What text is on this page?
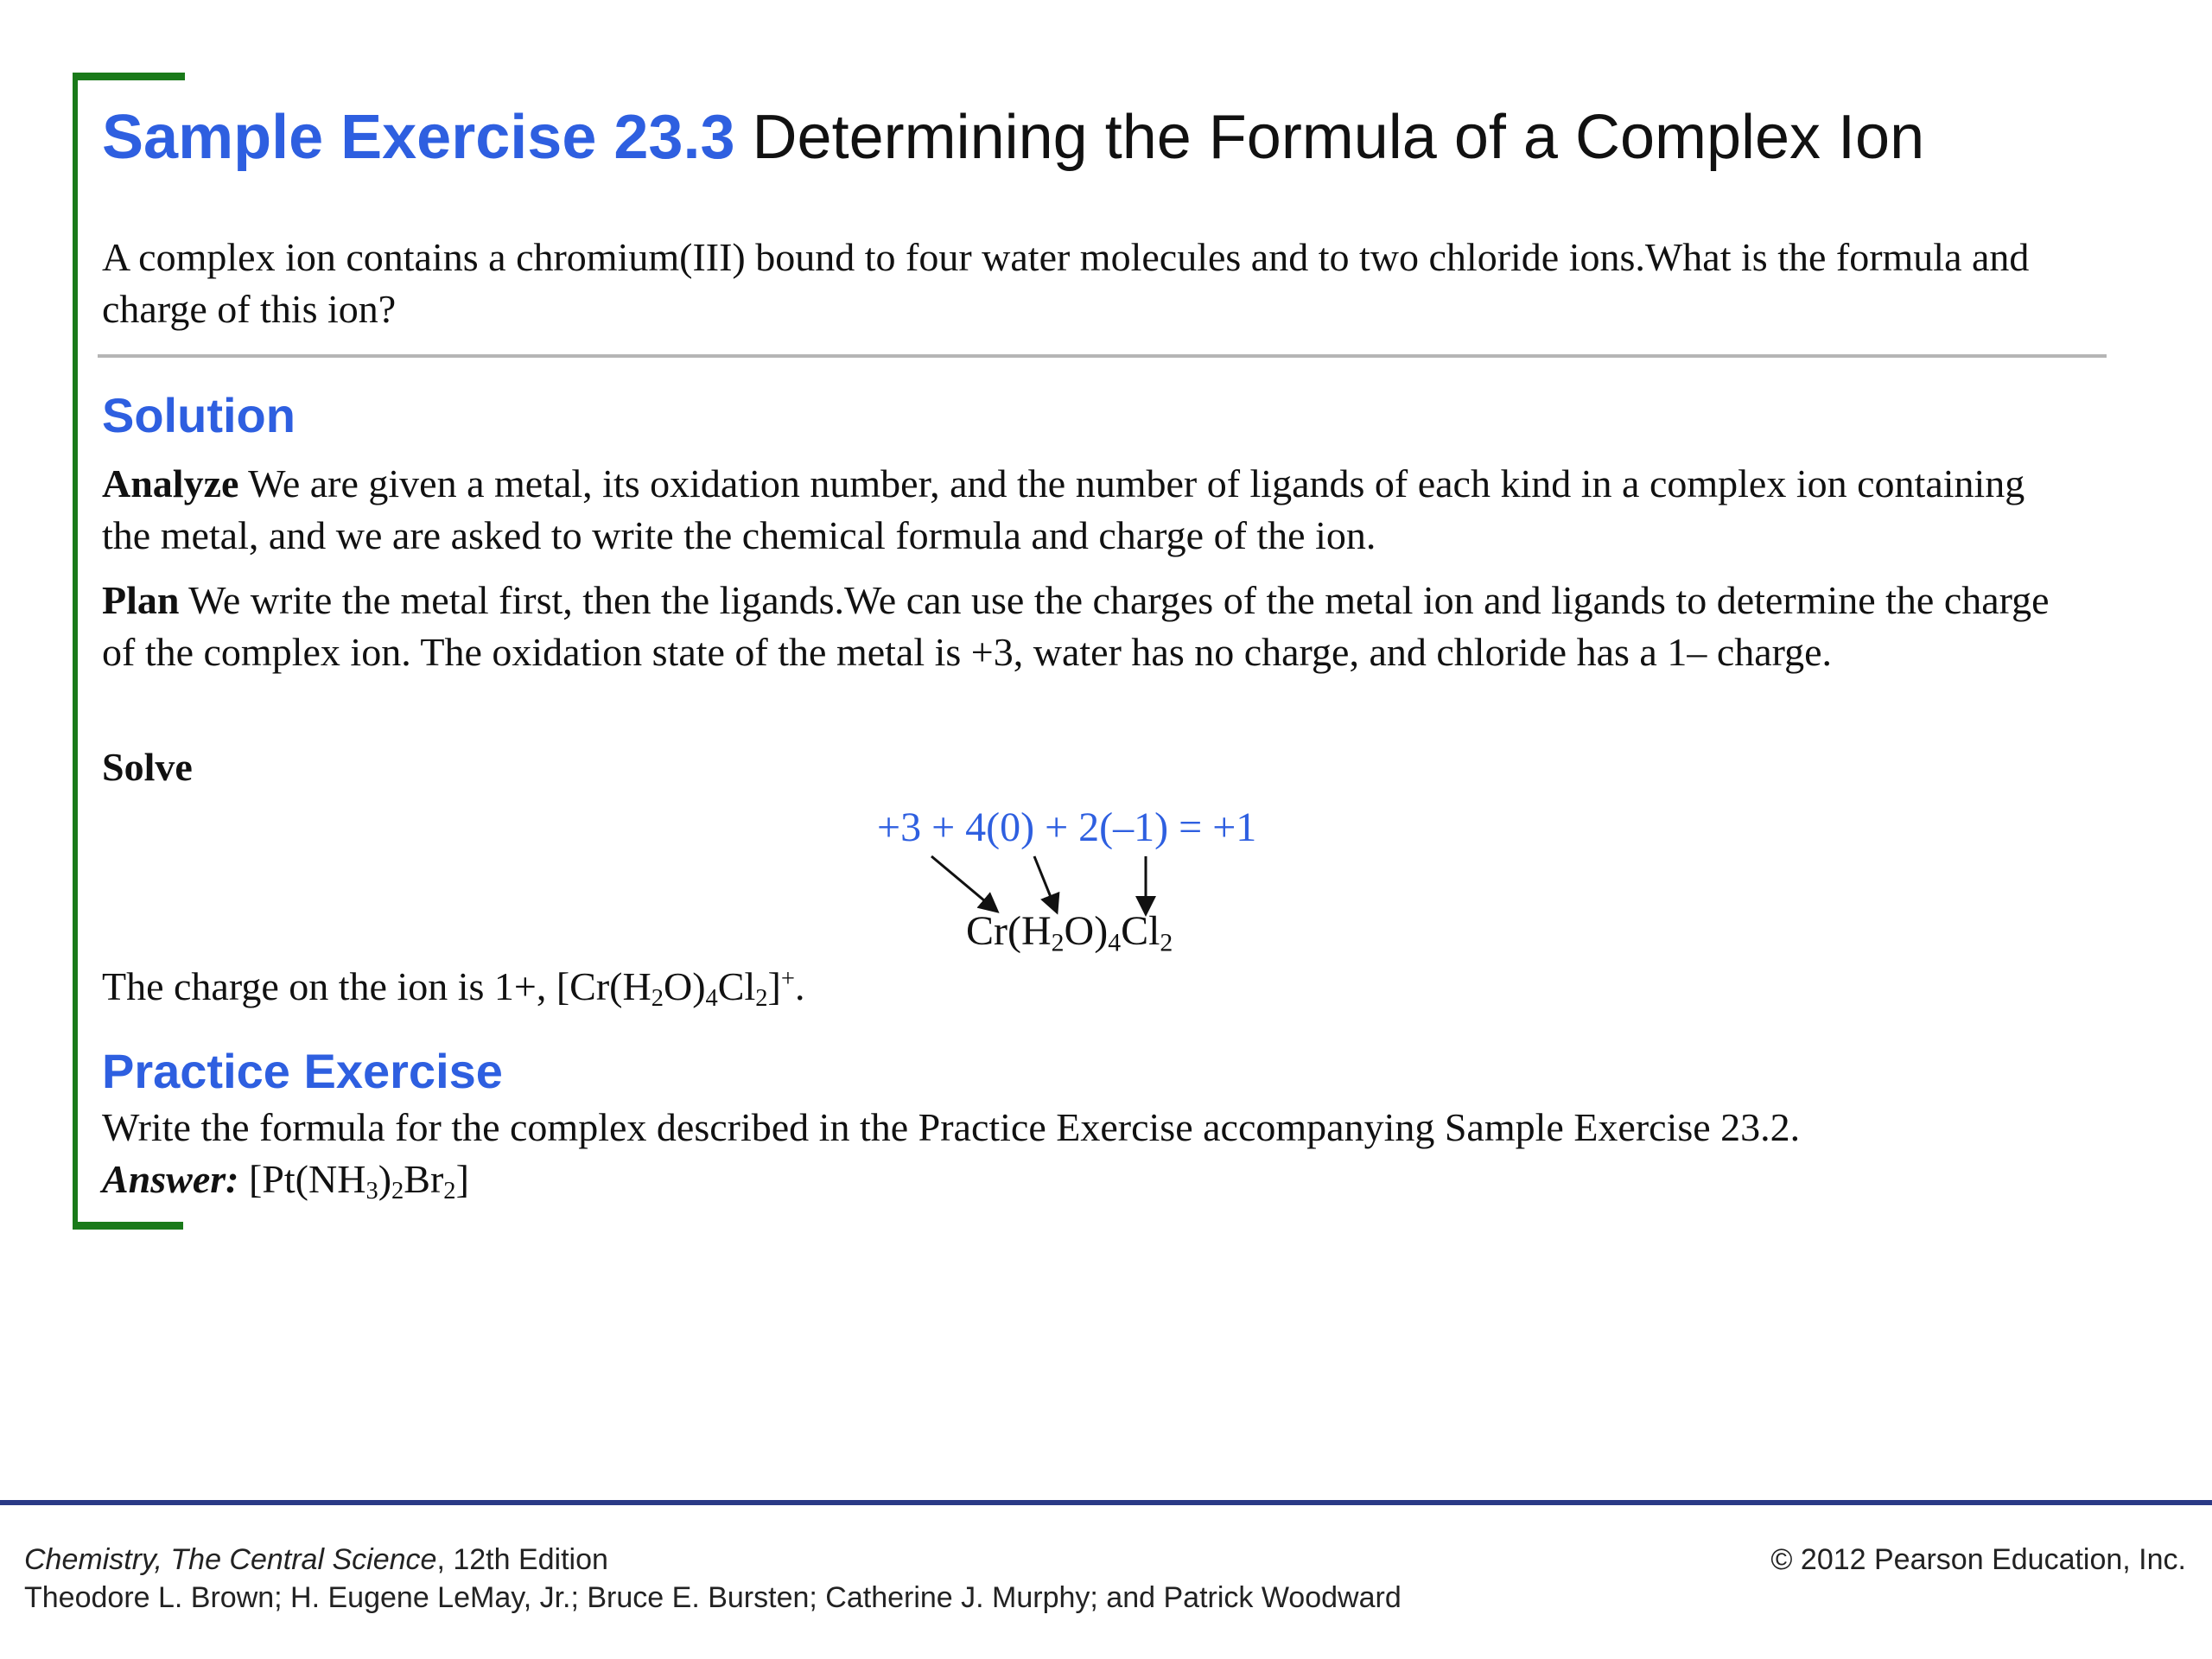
Sample Exercise 23.3 Determining the Formula of a Complex Ion
A complex ion contains a chromium(III) bound to four water molecules and to two chloride ions.What is the formula and charge of this ion?
Solution
Analyze We are given a metal, its oxidation number, and the number of ligands of each kind in a complex ion containing the metal, and we are asked to write the chemical formula and charge of the ion.
Plan We write the metal first, then the ligands.We can use the charges of the metal ion and ligands to determine the charge of the complex ion. The oxidation state of the metal is +3, water has no charge, and chloride has a 1– charge.
Solve
+3 + 4(0) + 2(–1) = +1
$Cr(H_2O)_4Cl_2$
The charge on the ion is 1+, $[Cr(H_2O)_4Cl_2]^+$.
Practice Exercise
Write the formula for the complex described in the Practice Exercise accompanying Sample Exercise 23.2.
Answer: $[Pt(NH_3)_2Br_2]$
Chemistry, The Central Science, 12th Edition
Theodore L. Brown; H. Eugene LeMay, Jr.; Bruce E. Bursten; Catherine J. Murphy; and Patrick Woodward
© 2012 Pearson Education, Inc.
